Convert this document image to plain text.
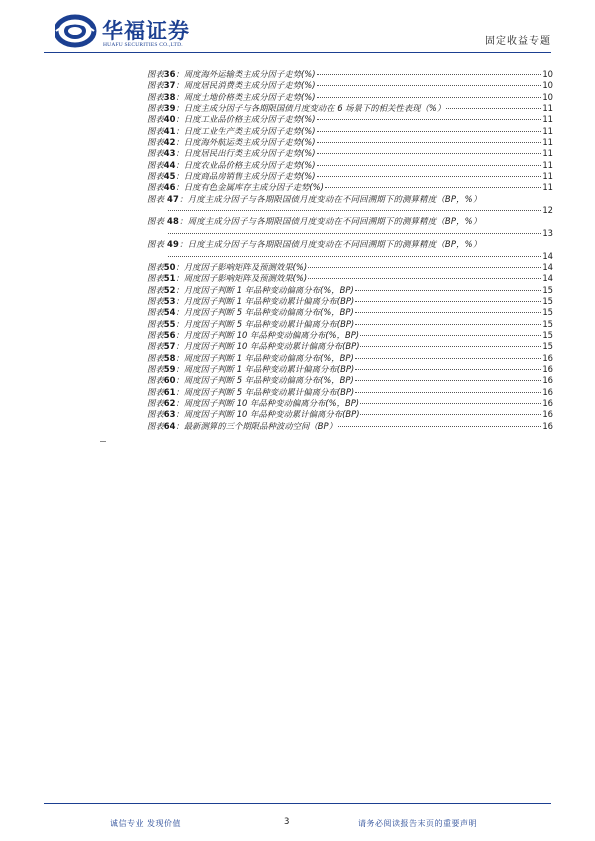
华福证券
HUAFU SECURITIES CO.,LTD.	固定收益专题
图表36：周度海外运输类主成分因子走势(%)	10
图表37：周度居民消费类主成分因子走势(%)	10
图表38：周度土地价格类主成分因子走势(%)	10
图表39：日度主成分因子与各期限国债月度变动在 6 场景下的相关性表现（%）	11
图表40：日度工业品价格主成分因子走势(%)	11
图表41：日度工业生产类主成分因子走势(%)	11
图表42：日度海外航运类主成分因子走势(%)	11
图表43：日度居民出行类主成分因子走势(%)	11
图表44：日度农业品价格主成分因子走势(%)	11
图表45：日度商品房销售主成分因子走势(%)	11
图表46：日度有色金属库存主成分因子走势(%)	11
图表 47：月度主成分因子与各期限国债月度变动在不同回溯期下的测算精度（BP，%）
12
图表 48：周度主成分因子与各期限国债月度变动在不同回溯期下的测算精度（BP，%）
13
图表 49：日度主成分因子与各期限国债月度变动在不同回溯期下的测算精度（BP，%）
14
图表50：月度因子影响矩阵及预测效果(%)	14
图表51：周度因子影响矩阵及预测效果(%)	14
图表52：月度因子判断 1 年品种变动偏离分布(%，BP)	15
图表53：月度因子判断 1 年品种变动累计偏离分布(BP)	15
图表54：月度因子判断 5 年品种变动偏离分布(%，BP)	15
图表55：月度因子判断 5 年品种变动累计偏离分布(BP)	15
图表56：月度因子判断 10 年品种变动偏离分布(%，BP)	15
图表57：月度因子判断 10 年品种变动累计偏离分布(BP)	15
图表58：周度因子判断 1 年品种变动偏离分布(%，BP)	16
图表59：周度因子判断 1 年品种变动累计偏离分布(BP)	16
图表60：周度因子判断 5 年品种变动偏离分布(%，BP)	16
图表61：周度因子判断 5 年品种变动累计偏离分布(BP)	16
图表62：周度因子判断 10 年品种变动偏离分布(%，BP)	16
图表63：周度因子判断 10 年品种变动累计偏离分布(BP)	16
图表64：最新测算的三个期限品种波动空间（BP）	16
诚信专业 发现价值	3	请务必阅读报告末页的重要声明
